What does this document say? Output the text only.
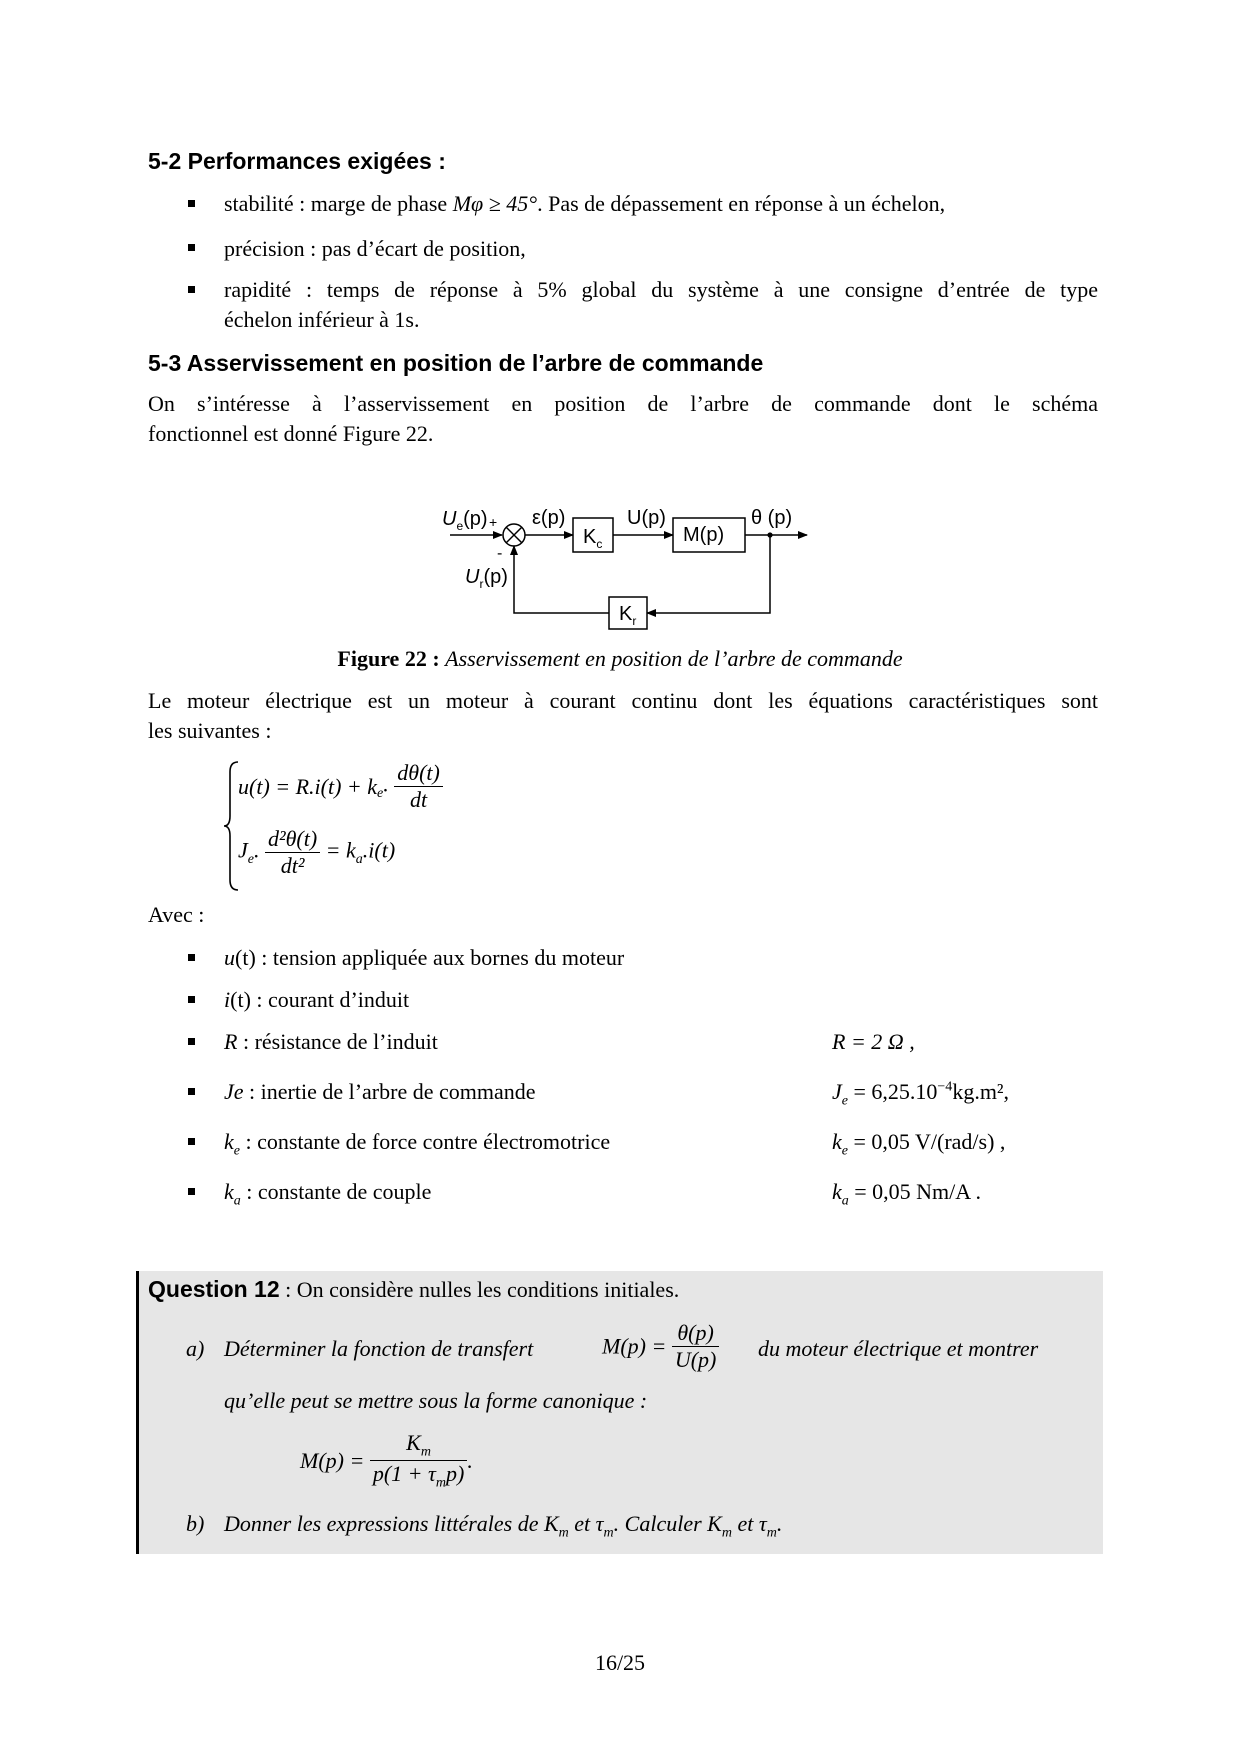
5-2 Performances exigées :
stabilité : marge de phase Mφ ≥ 45°. Pas de dépassement en réponse à un échelon,
précision : pas d’écart de position,
rapidité : temps de réponse à 5% global du système à une consigne d’entrée de type
échelon inférieur à 1s.
5-3 Asservissement en position de l’arbre de commande
On s’intéresse à l’asservissement en position de l’arbre de commande dont le schéma
fonctionnel est donné Figure 22.
$U_e(p)$ +
-
ε(p)
$K_c$
U(p)
M(p)
θ (p)
$U_r(p)$
$K_r$
Figure 22 : Asservissement en position de l’arbre de commande
Le moteur électrique est un moteur à courant continu dont les équations caractéristiques sont
les suivantes :
$u(t) = R.i(t) + k_e$. $\frac{d\theta(t)}{dt}$
$J_e$. $\frac{\text{d²θ(t)}}{\text{dt²}} = k_a.i(t)$
Avec :
u(t) : tension appliquée aux bornes du moteur
i(t) : courant d’induit
R : résistance de l’induit	R = 2 Ω ,
Je : inertie de l’arbre de commande	$J_e = 6,25.10^{-4}kg.m^2$,
$k_e$ : constante de force contre électromotrice	$k_e = 0,05$ V/(rad/s) ,
$k_a$ : constante de couple	$k_a = 0,05$ Nm/A .
Question 12 : On considère nulles les conditions initiales.
a) Déterminer la fonction de transfert	$M(p) = \frac{\theta(p)}{U(p)}$ du moteur électrique et montrer
qu’elle peut se mettre sous la forme canonique :
$M(p) = \frac{K_m}{p(1 + \tau_mp)}$ .
b) Donner les expressions littérales de $K_m$ et $\tau_m$. Calculer $K_m$ et $\tau_m$.
16/25
